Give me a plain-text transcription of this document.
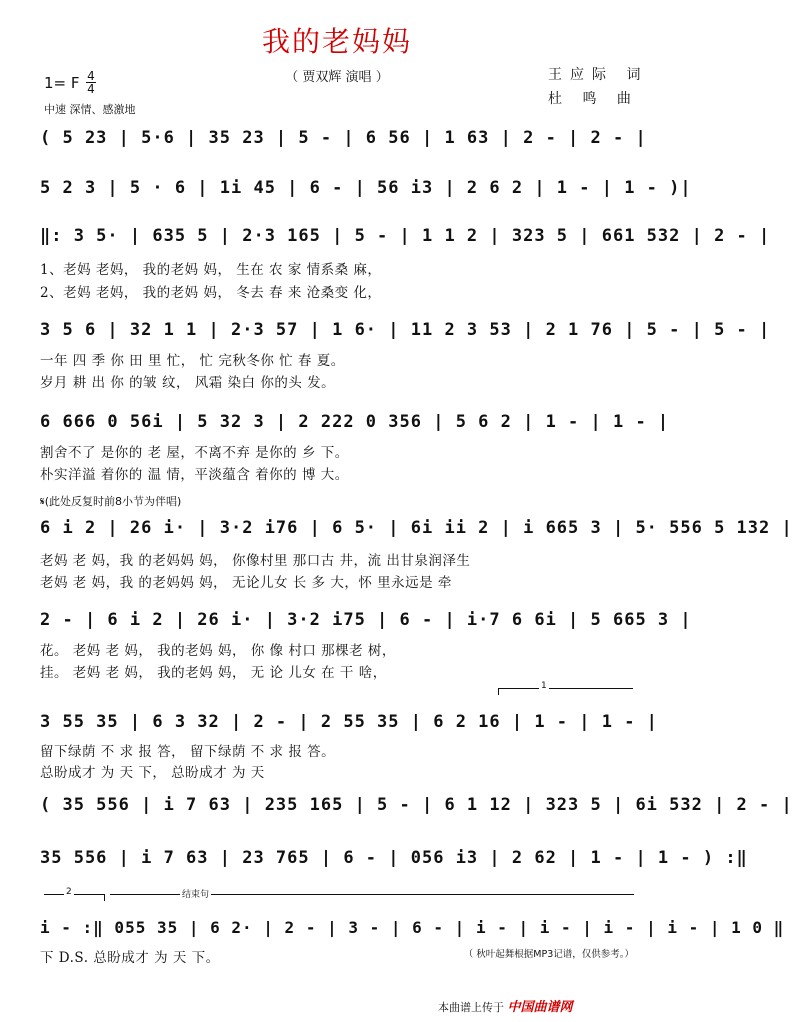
我的老妈妈
（ 贾双辉 演唱 ）	王应际 词
杜 鸣 曲
1= F 4
4
中速 深情、感激地
( 5 23 | 5·6 | 35 23 | 5 - | 6 56 | 1 63 | 2 - | 2 - |
5 2 3 | 5 · 6 | 1i 45 | 6 - | 56 i3 | 2 6 2 | 1 - | 1 - )|
‖: 3 5· | 635 5 | 2·3 165 | 5 - | 1 1 2 | 323 5 | 661 532 | 2 - |
1、老妈 老妈， 我的老妈 妈， 生在 农 家 情系桑 麻，
2、老妈 老妈， 我的老妈 妈， 冬去 春 来 沧桑变 化，
3 5 6 | 32 1 1 | 2·3 57 | 1 6· | 11 2 3 53 | 2 1 76 | 5 - | 5 - |
一年 四 季 你 田 里 忙， 忙 完秋冬你 忙 春 夏。
岁月 耕 出 你 的皱 纹， 风霜 染白 你的头 发。
6 666 0 56i | 5 32 3 | 2 222 0 356 | 5 6 2 | 1 - | 1 - |
割舍不了 是你的 老 屋，不离不弃 是你的 乡 下。
朴实洋溢 着你的 温 情，平淡蕴含 着你的 博 大。
𝄋(此处反复时前8小节为伴唱)
6 i 2 | 26 i· | 3·2 i76 | 6 5· | 6i ii 2 | i 665 3 | 5· 556 5 132 |
老妈 老 妈，我 的老妈妈 妈， 你像村里 那口古 井，流 出甘泉润泽生
老妈 老 妈，我 的老妈妈 妈， 无论儿女 长 多 大，怀 里永远是 牵
2 - | 6 i 2 | 26 i· | 3·2 i75 | 6 - | i·7 6 6i | 5 665 3 |
花。 老妈 老 妈， 我的老妈 妈， 你 像 村口 那棵老 树，
挂。 老妈 老 妈， 我的老妈 妈， 无 论 儿女 在 干 啥，
1
3 55 35 | 6 3 32 | 2 - | 2 55 35 | 6 2 16 | 1 - | 1 - |
留下绿荫 不 求 报 答， 留下绿荫 不 求 报 答。
总盼成才 为 天 下， 总盼成才 为 天
( 35 556 | i 7 63 | 235 165 | 5 - | 6 1 12 | 323 5 | 6i 532 | 2 - |
35 556 | i 7 63 | 23 765 | 6 - | 056 i3 | 2 62 | 1 - | 1 - ) :‖
2	结束句
i - :‖ 055 35 | 6 2· | 2 - | 3 - | 6 - | i - | i - | i - | i - | 1 0 ‖
下 D.S. 总盼成才 为 天 下。	（ 秋叶起舞根据MP3记谱，仅供参考。）
本曲谱上传于 中国曲谱网
